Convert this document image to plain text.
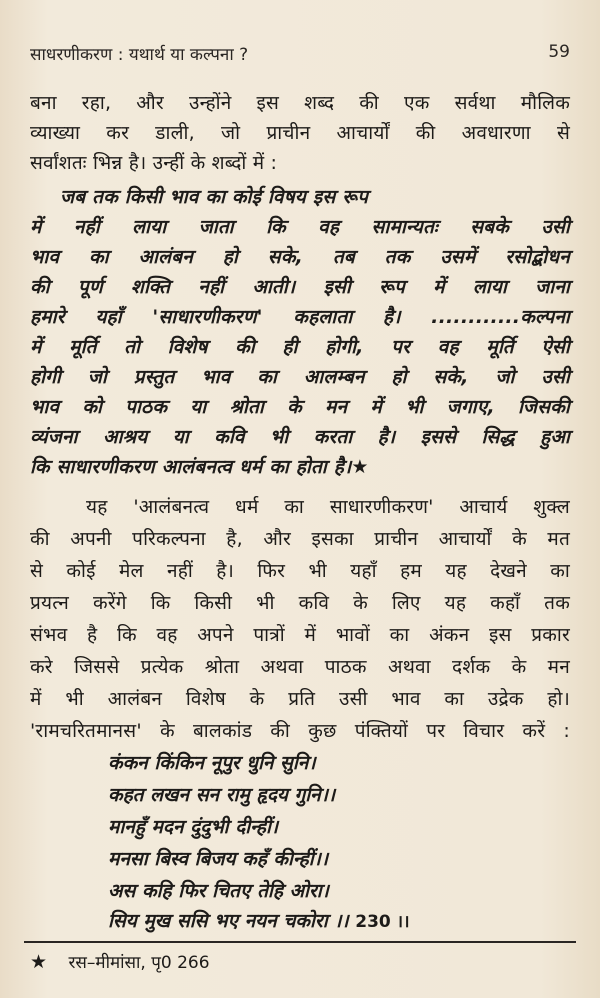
साधरणीकरण : यथार्थ या कल्पना ?	59
बना रहा, और उन्होंने इस शब्द की एक सर्वथा मौलिक
व्याख्या कर डाली, जो प्राचीन आचार्यों की अवधारणा से
सर्वांशतः भिन्न है। उन्हीं के शब्दों में :
जब तक किसी भाव का कोई विषय इस रूप
में नहीं लाया जाता कि वह सामान्यतः सबके उसी
भाव का आलंबन हो सके, तब तक उसमें रसोद्बोधन
की पूर्ण शक्ति नहीं आती। इसी रूप में लाया जाना
हमारे यहाँ 'साधारणीकरण' कहलाता है। ............कल्पना
में मूर्ति तो विशेष की ही होगी, पर वह मूर्ति ऐसी
होगी जो प्रस्तुत भाव का आलम्बन हो सके, जो उसी
भाव को पाठक या श्रोता के मन में भी जगाए, जिसकी
व्यंजना आश्रय या कवि भी करता है। इससे सिद्ध हुआ
कि साधारणीकरण आलंबनत्व धर्म का होता है।★
यह 'आलंबनत्व धर्म का साधारणीकरण' आचार्य शुक्ल
की अपनी परिकल्पना है, और इसका प्राचीन आचार्यों के मत
से कोई मेल नहीं है। फिर भी यहाँ हम यह देखने का
प्रयत्न करेंगे कि किसी भी कवि के लिए यह कहाँ तक
संभव है कि वह अपने पात्रों में भावों का अंकन इस प्रकार
करे जिससे प्रत्येक श्रोता अथवा पाठक अथवा दर्शक के मन
में भी आलंबन विशेष के प्रति उसी भाव का उद्रेक हो।
'रामचरितमानस' के बालकांड की कुछ पंक्तियों पर विचार करें :
कंकन किंकिन नूपुर धुनि सुनि।
कहत लखन सन रामु हृदय गुनि।।
मानहुँ मदन दुंदुभी दीन्हीं।
मनसा बिस्व बिजय कहँ कीन्हीं।।
अस कहि फिर चितए तेहि ओरा।
सिय मुख ससि भए नयन चकोरा ।। 230 ।।
★ रस–मीमांसा, पृ0 266
